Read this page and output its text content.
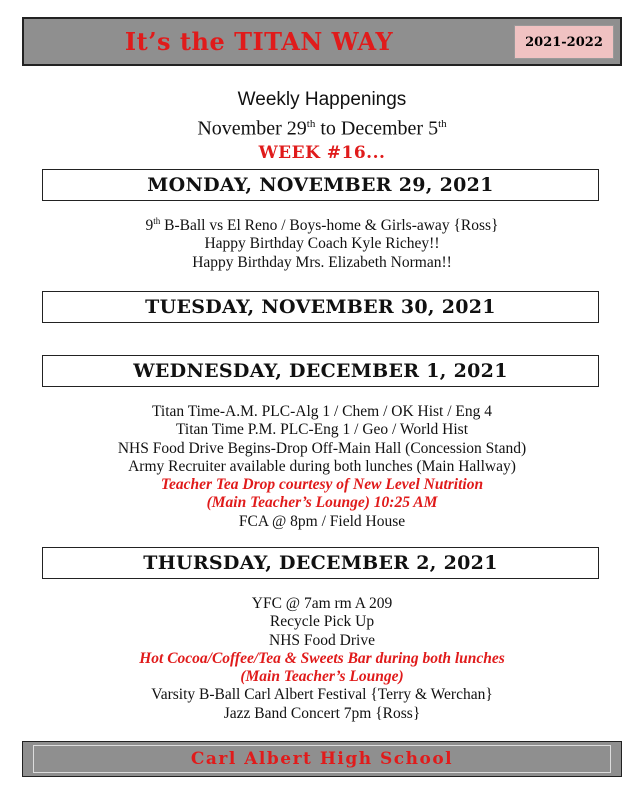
It’s the TITAN WAY	2021-2022
Weekly Happenings
November 29th to December 5th
WEEK #16...
MONDAY, NOVEMBER 29, 2021
9th B-Ball vs El Reno / Boys-home & Girls-away {Ross}
Happy Birthday Coach Kyle Richey!!
Happy Birthday Mrs. Elizabeth Norman!!
TUESDAY, NOVEMBER 30, 2021
WEDNESDAY, DECEMBER 1, 2021
Titan Time-A.M. PLC-Alg 1 / Chem / OK Hist / Eng 4
Titan Time P.M. PLC-Eng 1 / Geo / World Hist
NHS Food Drive Begins-Drop Off-Main Hall (Concession Stand)
Army Recruiter available during both lunches (Main Hallway)
Teacher Tea Drop courtesy of New Level Nutrition
(Main Teacher’s Lounge) 10:25 AM
FCA @ 8pm / Field House
THURSDAY, DECEMBER 2, 2021
YFC @ 7am rm A 209
Recycle Pick Up
NHS Food Drive
Hot Cocoa/Coffee/Tea & Sweets Bar during both lunches
(Main Teacher’s Lounge)
Varsity B-Ball Carl Albert Festival {Terry & Werchan}
Jazz Band Concert 7pm {Ross}
Carl Albert High School
